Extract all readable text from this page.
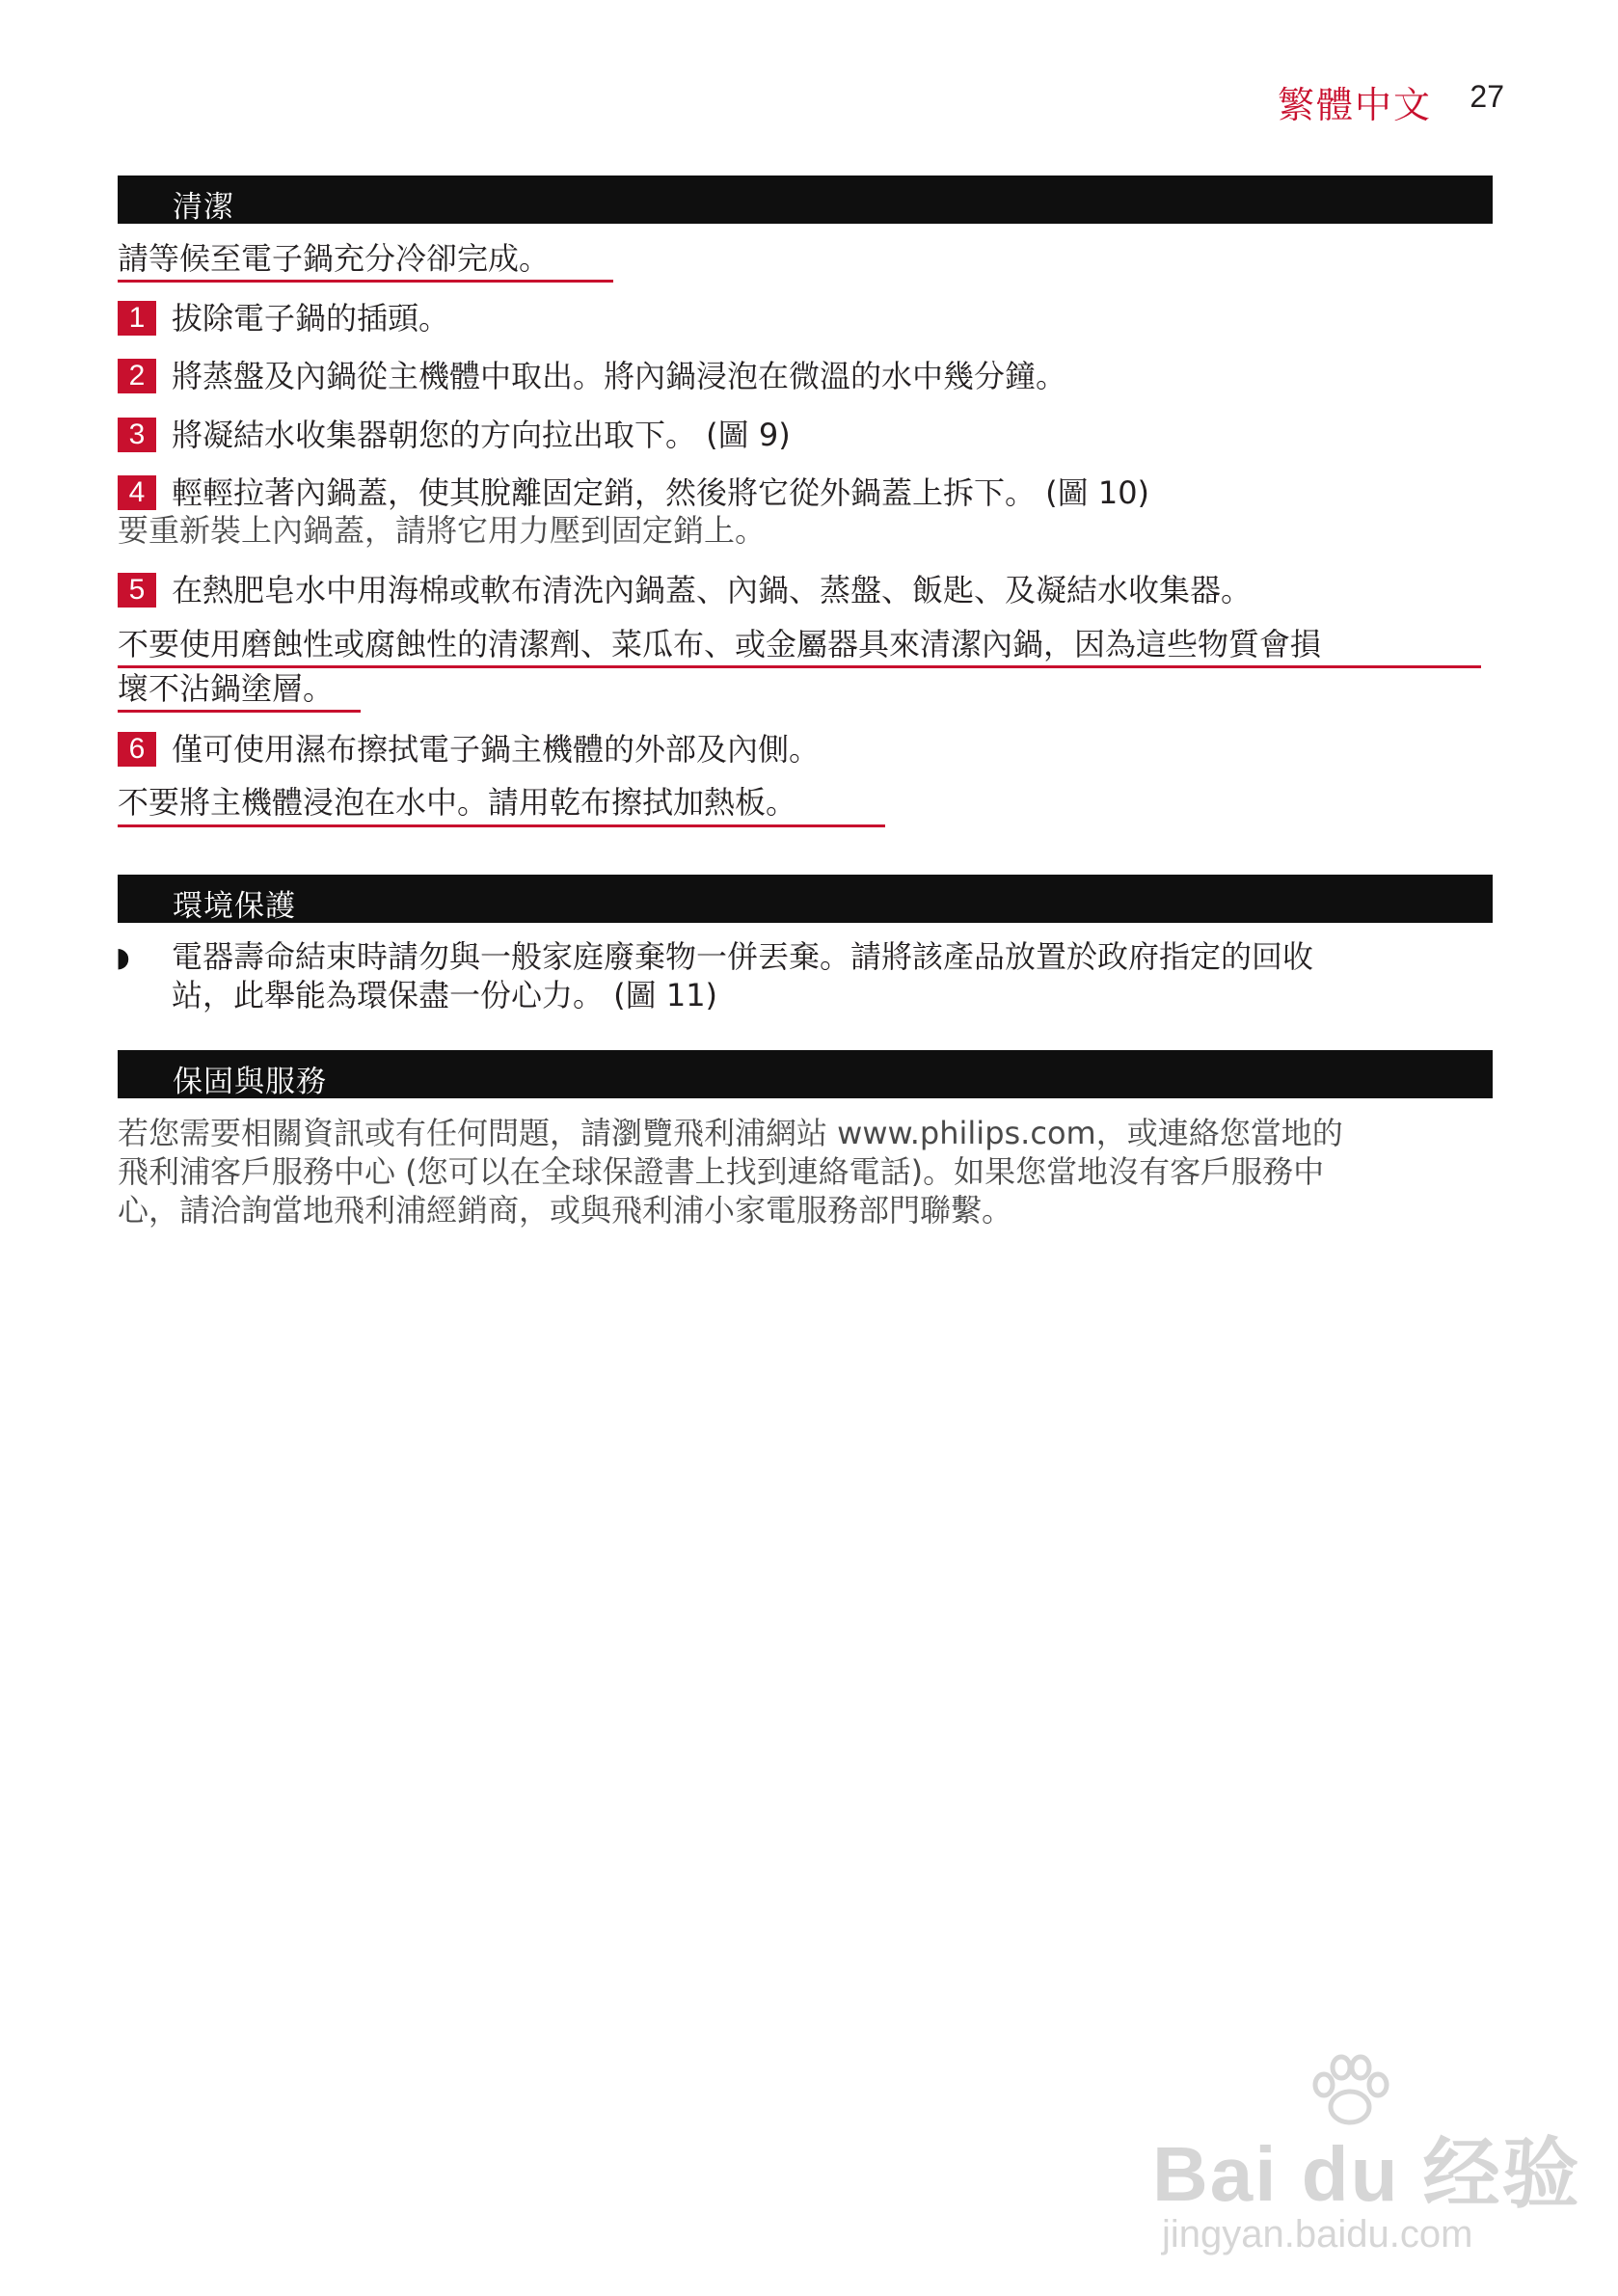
繁體中文 27
清潔
請等候至電子鍋充分冷卻完成。
1 拔除電子鍋的插頭。
2 將蒸盤及內鍋從主機體中取出。將內鍋浸泡在微溫的水中幾分鐘。
3 將凝結水收集器朝您的方向拉出取下。 (圖 9)
4 輕輕拉著內鍋蓋，使其脫離固定銷，然後將它從外鍋蓋上拆下。 (圖 10)
要重新裝上內鍋蓋，請將它用力壓到固定銷上。
5 在熱肥皂水中用海棉或軟布清洗內鍋蓋、內鍋、蒸盤、飯匙、及凝結水收集器。
不要使用磨蝕性或腐蝕性的清潔劑、菜瓜布、或金屬器具來清潔內鍋，因為這些物質會損
壞不沾鍋塗層。
6 僅可使用濕布擦拭電子鍋主機體的外部及內側。
不要將主機體浸泡在水中。請用乾布擦拭加熱板。
環境保護
◗ 電器壽命結束時請勿與一般家庭廢棄物一併丟棄。請將該產品放置於政府指定的回收
站，此舉能為環保盡一份心力。 (圖 11)
保固與服務
若您需要相關資訊或有任何問題，請瀏覽飛利浦網站 www.philips.com，或連絡您當地的
飛利浦客戶服務中心 (您可以在全球保證書上找到連絡電話)。如果您當地沒有客戶服務中
心，請洽詢當地飛利浦經銷商，或與飛利浦小家電服務部門聯繫。
Bai du 经验
jingyan.baidu.com
